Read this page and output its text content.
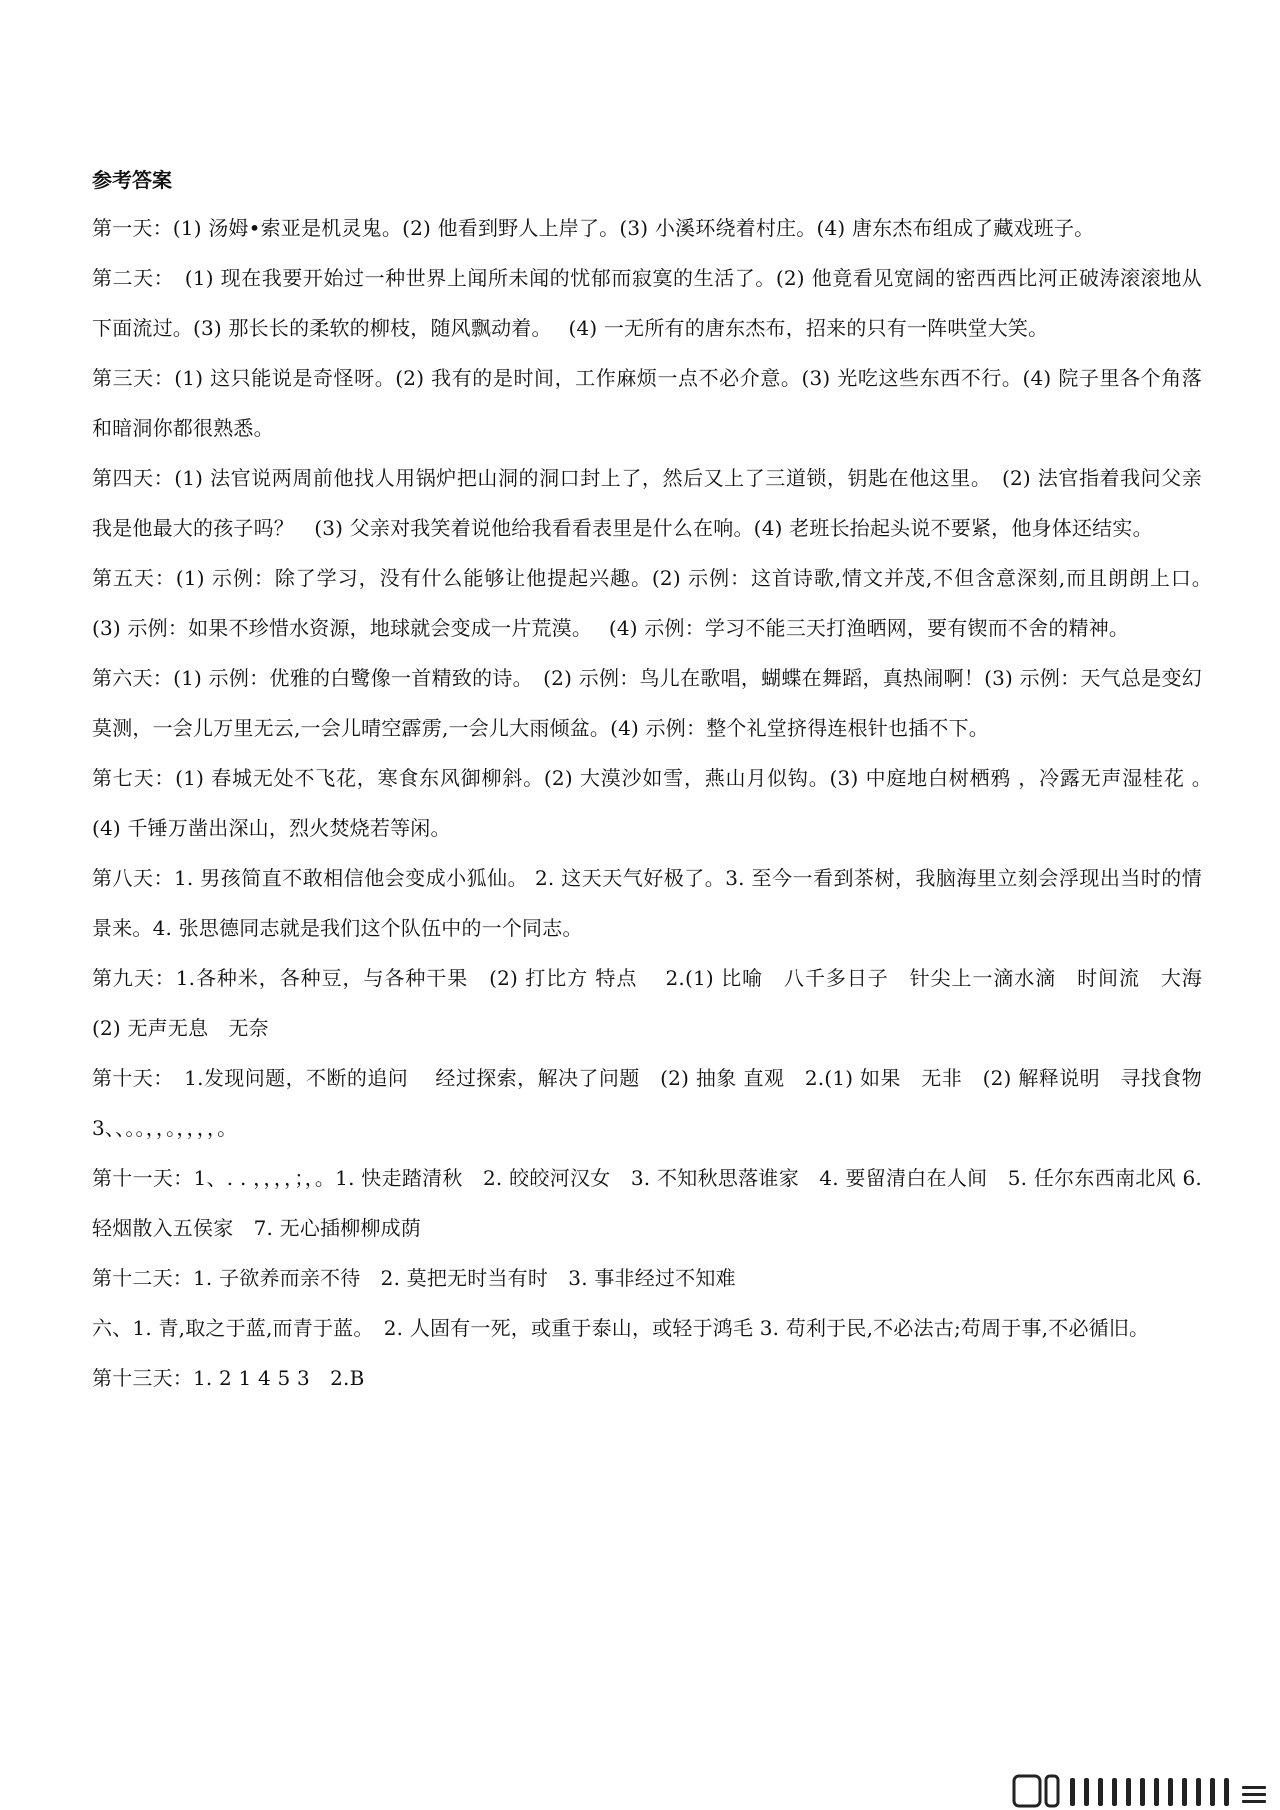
参考答案

第一天：(1) 汤姆•索亚是机灵鬼。(2) 他看到野人上岸了。(3) 小溪环绕着村庄。(4) 唐东杰布组成了藏戏班子。

第二天：　(1) 现在我要开始过一种世界上闻所未闻的忧郁而寂寞的生活了。(2) 他竟看见宽阔的密西西比河正破涛滚滚地从下面流过。(3) 那长长的柔软的柳枝，随风飘动着。　 (4) 一无所有的唐东杰布，招来的只有一阵哄堂大笑。

第三天：(1) 这只能说是奇怪呀。(2) 我有的是时间，工作麻烦一点不必介意。(3) 光吃这些东西不行。(4) 院子里各个角落和暗洞你都很熟悉。

第四天：(1) 法官说两周前他找人用锅炉把山洞的洞口封上了，然后又上了三道锁，钥匙在他这里。　(2) 法官指着我问父亲我是他最大的孩子吗？　(3) 父亲对我笑着说他给我看看表里是什么在响。(4) 老班长抬起头说不要紧，他身体还结实。

第五天：(1) 示例：除了学习，没有什么能够让他提起兴趣。(2) 示例：这首诗歌,情文并茂,不但含意深刻,而且朗朗上口。　(3) 示例：如果不珍惜水资源，地球就会变成一片荒漠。　 (4) 示例：学习不能三天打渔晒网，要有锲而不舍的精神。

第六天：(1) 示例：优雅的白鹭像一首精致的诗。　(2) 示例：鸟儿在歌唱，蝴蝶在舞蹈，真热闹啊！(3) 示例：天气总是变幻莫测，一会儿万里无云,一会儿晴空霹雳,一会儿大雨倾盆。(4) 示例：整个礼堂挤得连根针也插不下。

第七天：(1) 春城无处不飞花，寒食东风御柳斜。(2) 大漠沙如雪，燕山月似钩。(3) 中庭地白树栖鸦 ，冷露无声湿桂花 。　(4) 千锤万凿出深山，烈火焚烧若等闲。

第八天：1. 男孩简直不敢相信他会变成小狐仙。 2. 这天天气好极了。3. 至今一看到茶树，我脑海里立刻会浮现出当时的情景来。4. 张思德同志就是我们这个队伍中的一个同志。

第九天：1.各种米，各种豆，与各种干果　(2) 打比方 特点　 2.(1) 比喻　八千多日子　针尖上一滴水滴　时间流　大海　(2) 无声无息　无奈

第十天：　1.发现问题，不断的追问　 经过探索，解决了问题　(2) 抽象 直观　2.(1) 如果　无非　(2) 解释说明　寻找食物　3、、。。，，。，，，，。

第十一天：1、. . ，，，，；，。1. 快走踏清秋　2. 皎皎河汉女　3. 不知秋思落谁家　4. 要留清白在人间　5. 任尔东西南北风 6. 轻烟散入五侯家　7. 无心插柳柳成荫

第十二天：1. 子欲养而亲不待　2. 莫把无时当有时　3. 事非经过不知难

六、1. 青,取之于蓝,而青于蓝。　2. 人固有一死，或重于泰山，或轻于鸿毛 3. 苟利于民,不必法古;苟周于事,不必循旧。

第十三天：1. 2 1 4 5 3　2.B
